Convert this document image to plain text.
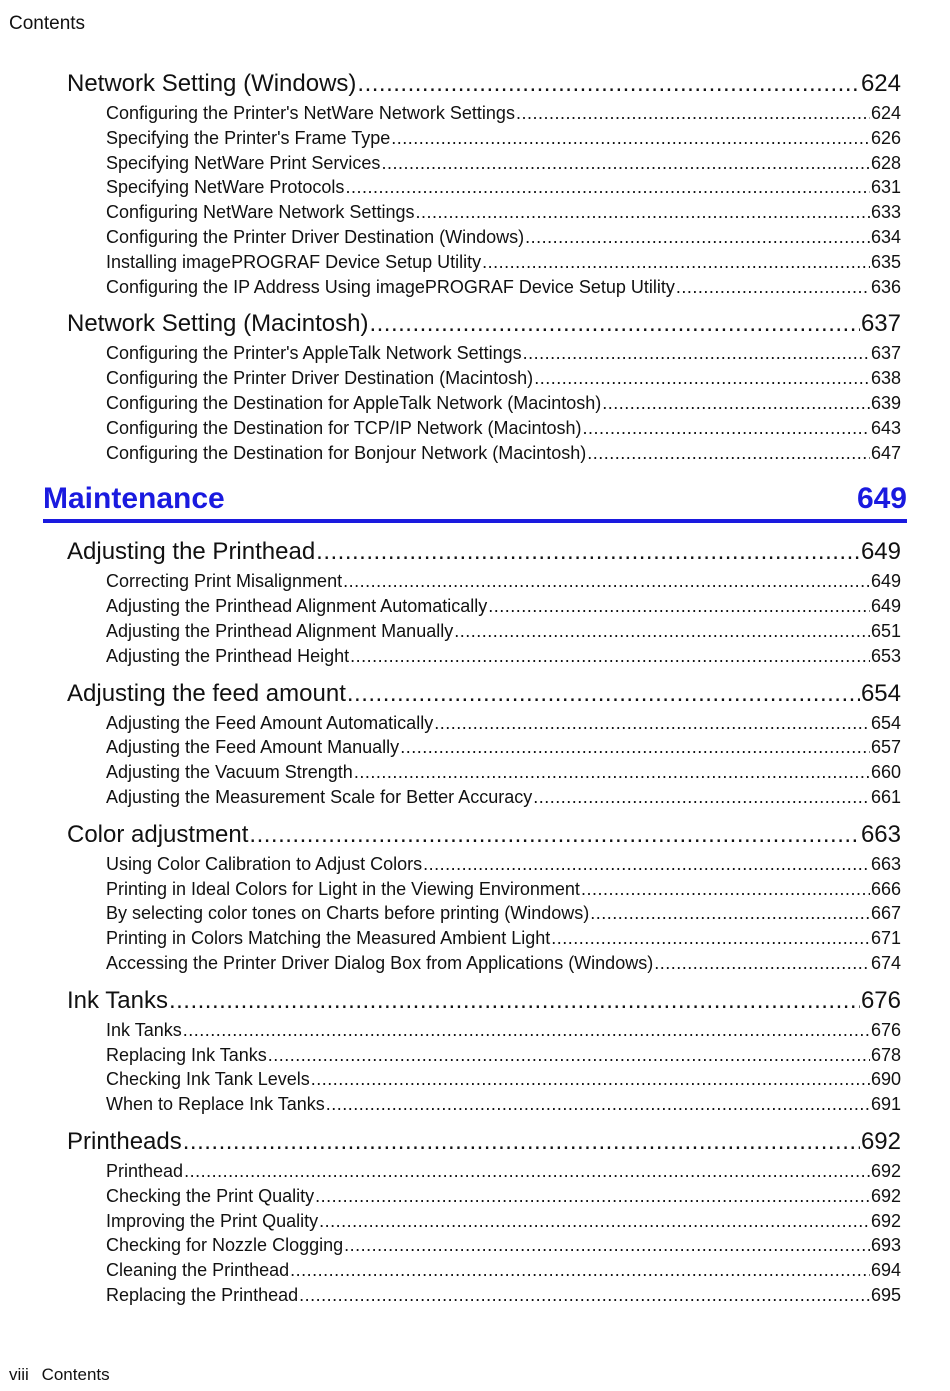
Contents
Network Setting (Windows) .....	624
Configuring the Printer's NetWare Network Settings .....	624
Specifying the Printer's Frame Type .....	626
Specifying NetWare Print Services .....	628
Specifying NetWare Protocols .....	631
Configuring NetWare Network Settings .....	633
Configuring the Printer Driver Destination (Windows) .....	634
Installing imagePROGRAF Device Setup Utility .....	635
Configuring the IP Address Using imagePROGRAF Device Setup Utility .....	636
Network Setting (Macintosh) .....	637
Configuring the Printer's AppleTalk Network Settings .....	637
Configuring the Printer Driver Destination (Macintosh) .....	638
Configuring the Destination for AppleTalk Network (Macintosh) .....	639
Configuring the Destination for TCP/IP Network (Macintosh) .....	643
Configuring the Destination for Bonjour Network (Macintosh) .....	647
Maintenance	649
Adjusting the Printhead .....	649
Correcting Print Misalignment .....	649
Adjusting the Printhead Alignment Automatically .....	649
Adjusting the Printhead Alignment Manually .....	651
Adjusting the Printhead Height .....	653
Adjusting the feed amount .....	654
Adjusting the Feed Amount Automatically .....	654
Adjusting the Feed Amount Manually .....	657
Adjusting the Vacuum Strength .....	660
Adjusting the Measurement Scale for Better Accuracy .....	661
Color adjustment .....	663
Using Color Calibration to Adjust Colors .....	663
Printing in Ideal Colors for Light in the Viewing Environment .....	666
By selecting color tones on Charts before printing (Windows) .....	667
Printing in Colors Matching the Measured Ambient Light .....	671
Accessing the Printer Driver Dialog Box from Applications (Windows) .....	674
Ink Tanks .....	676
Ink Tanks .....	676
Replacing Ink Tanks .....	678
Checking Ink Tank Levels .....	690
When to Replace Ink Tanks .....	691
Printheads .....	692
Printhead .....	692
Checking the Print Quality .....	692
Improving the Print Quality .....	692
Checking for Nozzle Clogging .....	693
Cleaning the Printhead .....	694
Replacing the Printhead .....	695
viii Contents
